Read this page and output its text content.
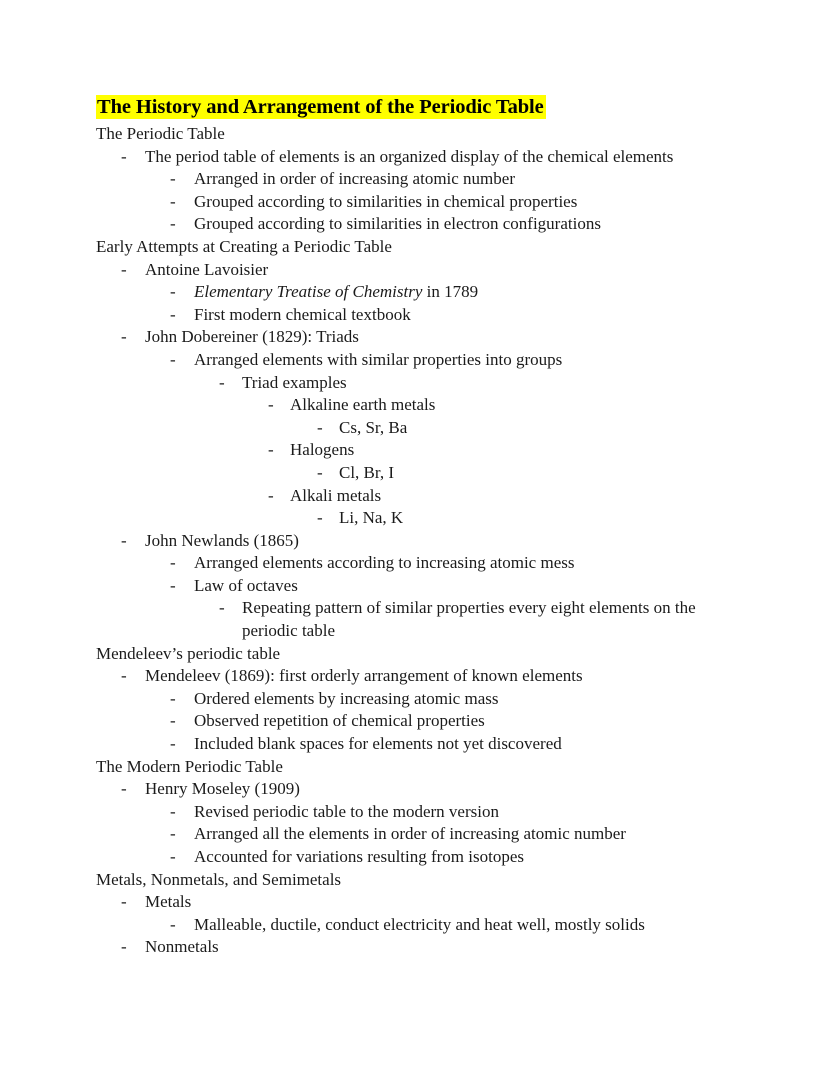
The History and Arrangement of the Periodic Table
The Periodic Table
-	The period table of elements is an organized display of the chemical elements
-	Arranged in order of increasing atomic number
-	Grouped according to similarities in chemical properties
-	Grouped according to similarities in electron configurations
Early Attempts at Creating a Periodic Table
-	Antoine Lavoisier
-	Elementary Treatise of Chemistry in 1789
-	First modern chemical textbook
-	John Dobereiner (1829): Triads
-	Arranged elements with similar properties into groups
-	Triad examples
- Alkaline earth metals
- Cs, Sr, Ba
- Halogens
- Cl, Br, I
- Alkali metals
- Li, Na, K
-	John Newlands (1865)
-	Arranged elements according to increasing atomic mess
-	Law of octaves
-	Repeating pattern of similar properties every eight elements on the periodic table
Mendeleev’s periodic table
-	Mendeleev (1869): first orderly arrangement of known elements
-	Ordered elements by increasing atomic mass
-	Observed repetition of chemical properties
-	Included blank spaces for elements not yet discovered
The Modern Periodic Table
-	Henry Moseley (1909)
-	Revised periodic table to the modern version
-	Arranged all the elements in order of increasing atomic number
-	Accounted for variations resulting from isotopes
Metals, Nonmetals, and Semimetals
-	Metals
-	Malleable, ductile, conduct electricity and heat well, mostly solids
-	Nonmetals
